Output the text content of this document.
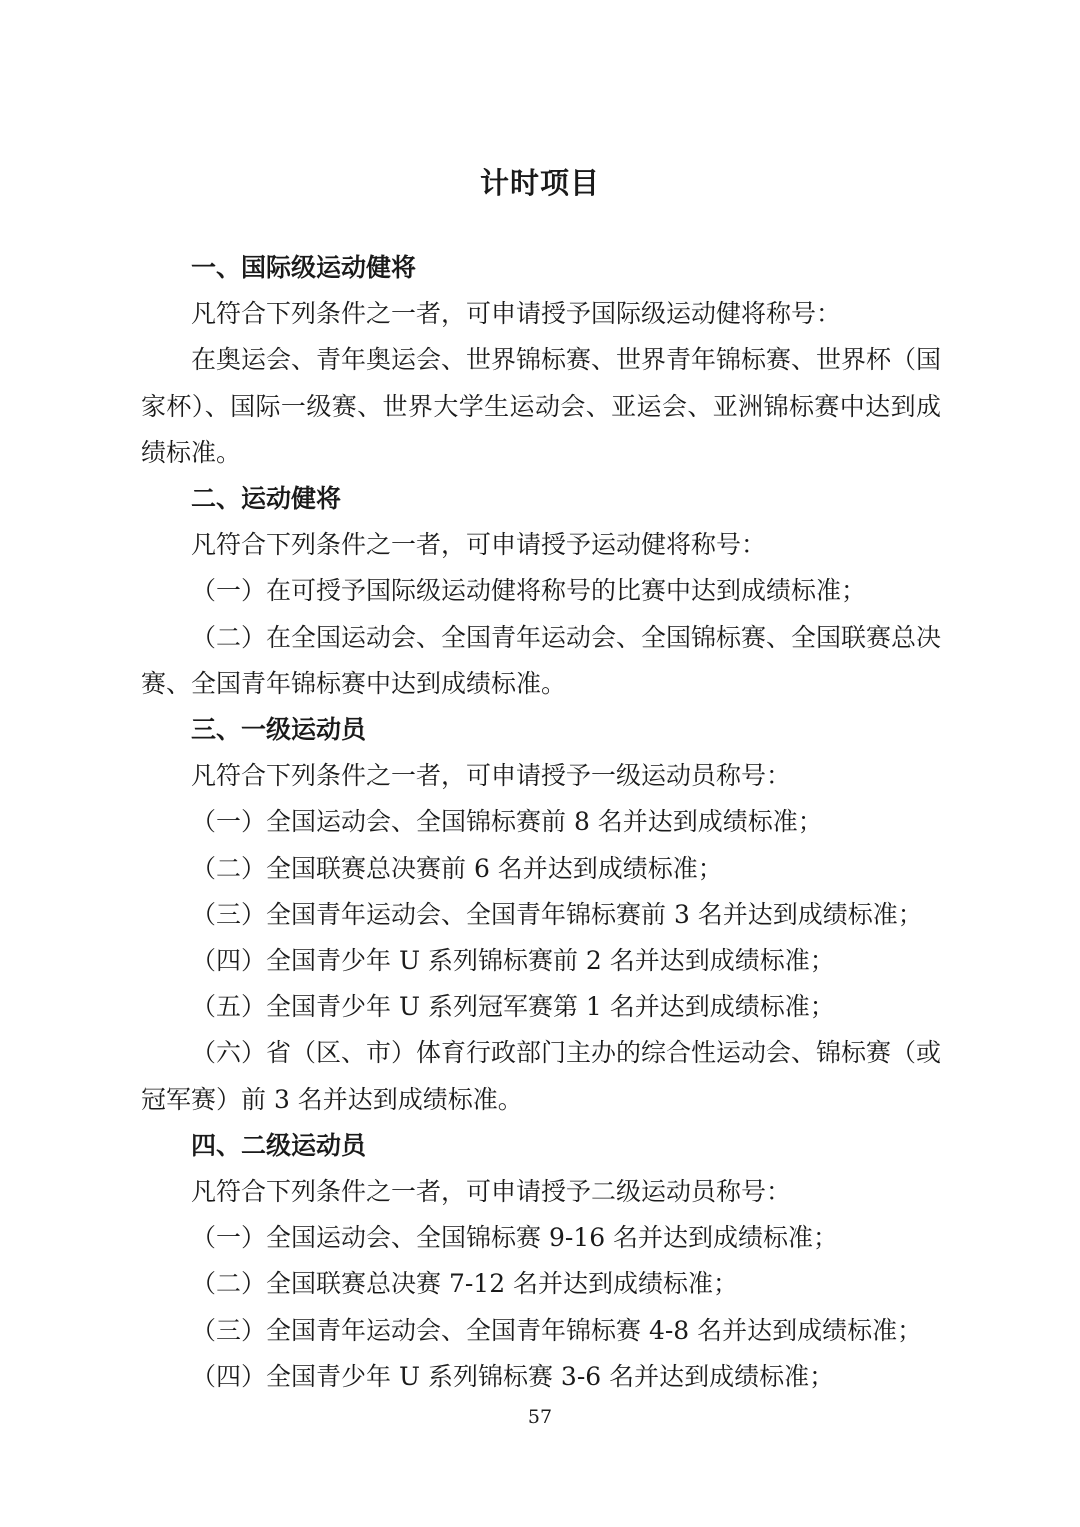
计时项目

一、国际级运动健将

凡符合下列条件之一者，可申请授予国际级运动健将称号：

在奥运会、青年奥运会、世界锦标赛、世界青年锦标赛、世界杯（国家杯）、国际一级赛、世界大学生运动会、亚运会、亚洲锦标赛中达到成绩标准。

二、运动健将

凡符合下列条件之一者，可申请授予运动健将称号：

（一）在可授予国际级运动健将称号的比赛中达到成绩标准；

（二）在全国运动会、全国青年运动会、全国锦标赛、全国联赛总决赛、全国青年锦标赛中达到成绩标准。

三、一级运动员

凡符合下列条件之一者，可申请授予一级运动员称号：

（一）全国运动会、全国锦标赛前 8 名并达到成绩标准；

（二）全国联赛总决赛前 6 名并达到成绩标准；

（三）全国青年运动会、全国青年锦标赛前 3 名并达到成绩标准；

（四）全国青少年 U 系列锦标赛前 2 名并达到成绩标准；

（五）全国青少年 U 系列冠军赛第 1 名并达到成绩标准；

（六）省（区、市）体育行政部门主办的综合性运动会、锦标赛（或冠军赛）前 3 名并达到成绩标准。

四、二级运动员

凡符合下列条件之一者，可申请授予二级运动员称号：

（一）全国运动会、全国锦标赛 9-16 名并达到成绩标准；

（二）全国联赛总决赛 7-12 名并达到成绩标准；

（三）全国青年运动会、全国青年锦标赛 4-8 名并达到成绩标准；

（四）全国青少年 U 系列锦标赛 3-6 名并达到成绩标准；

57
